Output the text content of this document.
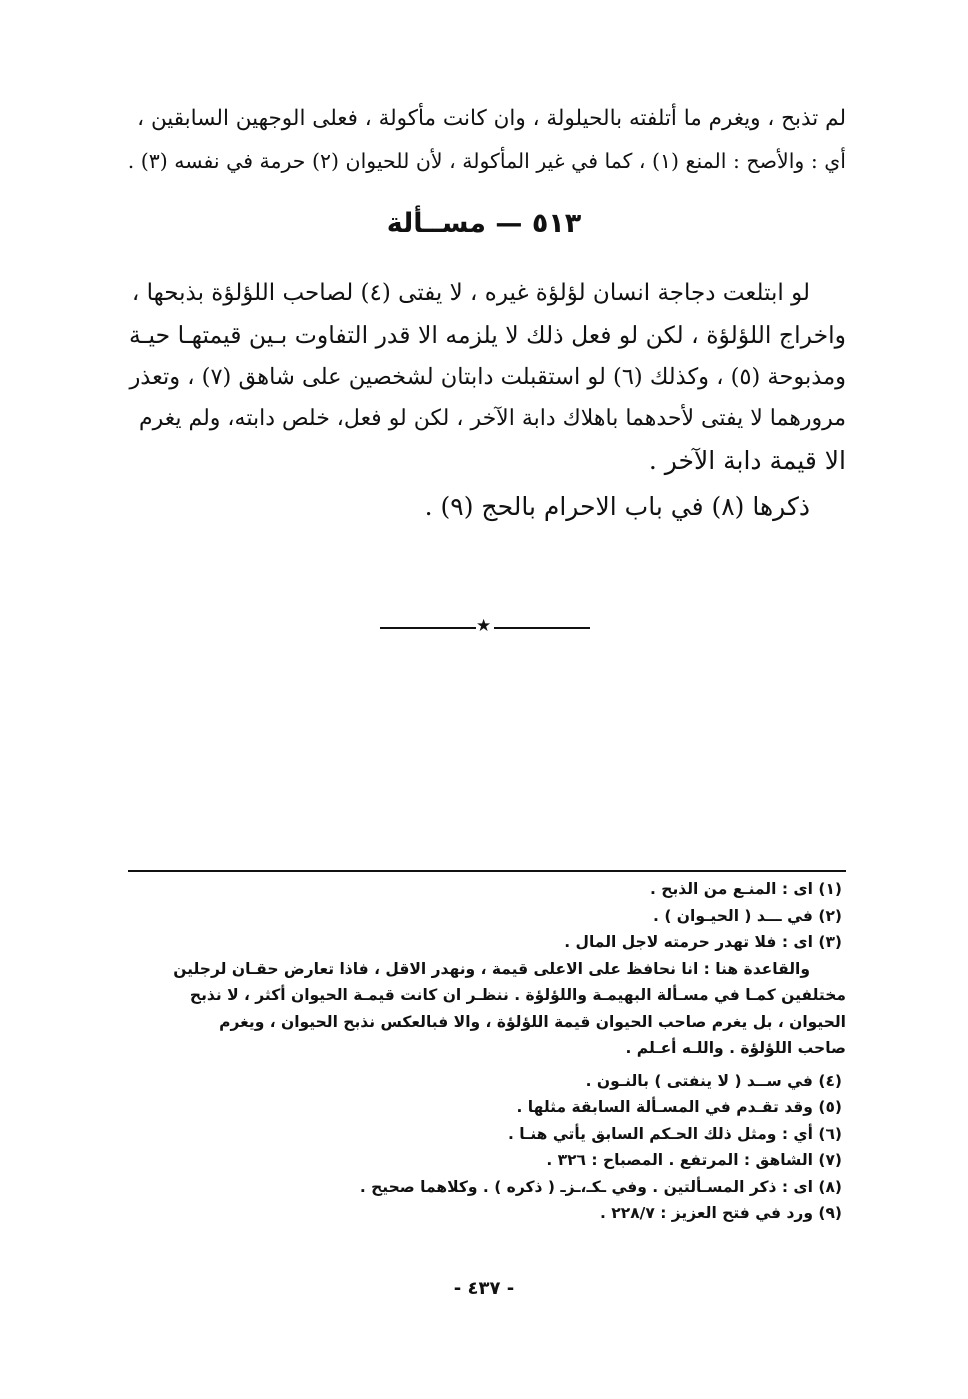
لم تذبح ، ويغرم ما أتلفته بالحيلولة ، وان كانت مأكولة ، فعلى الوجهين السابقين ،
أي : والأصح : المنع (١) ، كما في غير المأكولة ، لأن للحيوان (٢) حرمة في نفسه (٣) .
٥١٣ — مســألة
لو ابتلعت دجاجة انسان لؤلؤة غيره ، لا يفتى (٤) لصاحب اللؤلؤة بذبحها ،
واخراج اللؤلؤة ، لكن لو فعل ذلك لا يلزمه الا قدر التفاوت بـين قيمتهـا حيـة
ومذبوحة (٥) ، وكذلك (٦) لو استقبلت دابتان لشخصين على شاهق (٧) ، وتعذر
مرورهما لا يفتى لأحدهما باهلاك دابة الآخر ، لكن لو فعل، خلص دابته، ولم يغرم
الا قيمة دابة الآخر .
ذكرها (٨) في باب الاحرام بالحج (٩) .
★
(١) اى : المنـع من الذبح .
(٢) في ـــد ( الحيـوان ) .
(٣) اى : فلا تهدر حرمته لاجل المال .
والقاعدة هنا : انا نحافظ على الاعلى قيمة ، ونهدر الاقل ، فاذا تعارض حقـان لرجلين
مختلفين كمـا في مسـألة البهيمـة واللؤلؤة . ننظـر ان كانت قيمـة الحيوان أكثر ، لا نذبح
الحيوان ، بل يغرم صاحب الحيوان قيمة اللؤلؤة ، والا فبالعكس نذبح الحيوان ، ويغرم
صاحب اللؤلؤة . واللـه أعـلم .
(٤) في ســد ( لا ينفتى ) بالنـون .
(٥) وقد تقـدم في المسـألة السابقة مثلها .
(٦) أي : ومثل ذلك الحـكم السابق يأتي هنـا .
(٧) الشاهق : المرتفع . المصباح : ٣٢٦ .
(٨) اى : ذكر المسـألتين . وفي ـكـ،ـزـ ( ذكره ) . وكلاهما صحيح .
(٩) ورد في فتح العزيز : ٢٢٨/٧ .
- ٤٣٧ -
